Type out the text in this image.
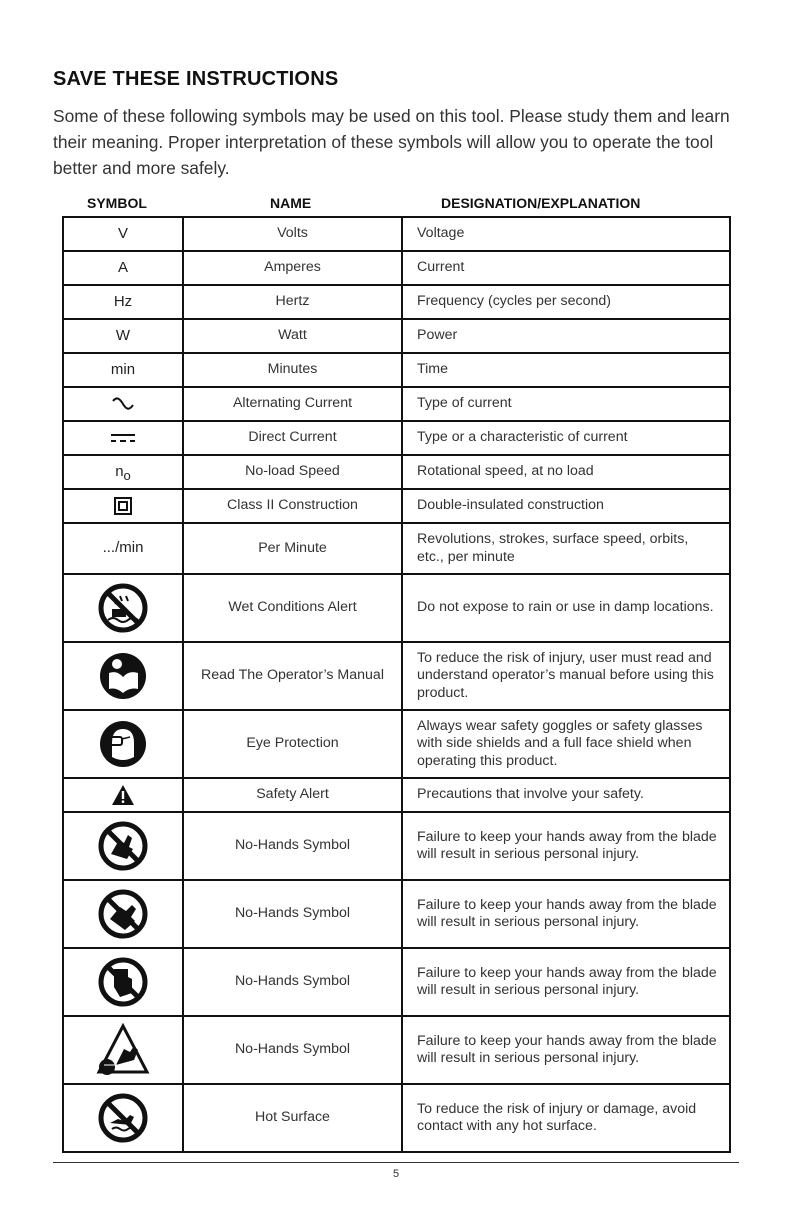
SAVE THESE INSTRUCTIONS

Some of these following symbols may be used on this tool. Please study them and learn their meaning. Proper interpretation of these symbols will allow you to operate the tool better and more safely.

SYMBOL	NAME	DESIGNATION/EXPLANATION
V	Volts	Voltage
A	Amperes	Current
Hz	Hertz	Frequency (cycles per second)
W	Watt	Power
min	Minutes	Time
	Alternating Current	Type of current
	Direct Current	Type or a characteristic of current
no	No-load Speed	Rotational speed, at no load
	Class II Construction	Double-insulated construction
.../min	Per Minute	Revolutions, strokes, surface speed, orbits, etc., per minute
	Wet Conditions Alert	Do not expose to rain or use in damp locations.
	Read The Operator’s Manual	To reduce the risk of injury, user must read and understand operator’s manual before using this product.
	Eye Protection	Always wear safety goggles or safety glasses with side shields and a full face shield when operating this product.
	Safety Alert	Precautions that involve your safety.
	No-Hands Symbol	Failure to keep your hands away from the blade will result in serious personal injury.
	No-Hands Symbol	Failure to keep your hands away from the blade will result in serious personal injury.
	No-Hands Symbol	Failure to keep your hands away from the blade will result in serious personal injury.
	No-Hands Symbol	Failure to keep your hands away from the blade will result in serious personal injury.
	Hot Surface	To reduce the risk of injury or damage, avoid contact with any hot surface.
5
